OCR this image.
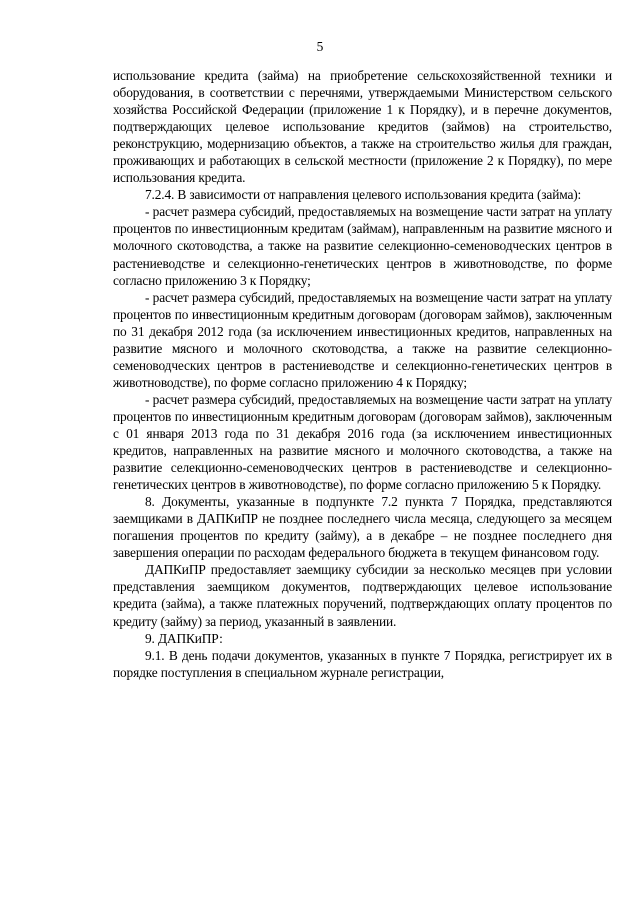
5

использование кредита (займа) на приобретение сельскохозяйственной техники и оборудования, в соответствии с перечнями, утверждаемыми Министерством сельского хозяйства Российской Федерации (приложение 1 к Порядку), и в перечне документов, подтверждающих целевое использование кредитов (займов) на строительство, реконструкцию, модернизацию объектов, а также на строительство жилья для граждан, проживающих и работающих в сельской местности (приложение 2 к Порядку), по мере использования кредита.

7.2.4. В зависимости от направления целевого использования кредита (займа):

- расчет размера субсидий, предоставляемых на возмещение части затрат на уплату процентов по инвестиционным кредитам (займам), направленным на развитие мясного и молочного скотоводства, а также на развитие селекционно-семеноводческих центров в растениеводстве и селекционно-генетических центров в животноводстве, по форме согласно приложению 3 к Порядку;

- расчет размера субсидий, предоставляемых на возмещение части затрат на уплату процентов по инвестиционным кредитным договорам (договорам займов), заключенным по 31 декабря 2012 года (за исключением инвестиционных кредитов, направленных на развитие мясного и молочного скотоводства, а также на развитие селекционно-семеноводческих центров в растениеводстве и селекционно-генетических центров в животноводстве), по форме согласно приложению 4 к Порядку;

- расчет размера субсидий, предоставляемых на возмещение части затрат на уплату процентов по инвестиционным кредитным договорам (договорам займов), заключенным с 01 января 2013 года по 31 декабря 2016 года (за исключением инвестиционных кредитов, направленных на развитие мясного и молочного скотоводства, а также на развитие селекционно-семеноводческих центров в растениеводстве и селекционно-генетических центров в животноводстве), по форме согласно приложению 5 к Порядку.

8. Документы, указанные в подпункте 7.2 пункта 7 Порядка, представляются заемщиками в ДАПКиПР не позднее последнего числа месяца, следующего за месяцем погашения процентов по кредиту (займу), а в декабре – не позднее последнего дня завершения операции по расходам федерального бюджета в текущем финансовом году.

ДАПКиПР предоставляет заемщику субсидии за несколько месяцев при условии представления заемщиком документов, подтверждающих целевое использование кредита (займа), а также платежных поручений, подтверждающих оплату процентов по кредиту (займу) за период, указанный в заявлении.

9. ДАПКиПР:

9.1. В день подачи документов, указанных в пункте 7 Порядка, регистрирует их в порядке поступления в специальном журнале регистрации,
